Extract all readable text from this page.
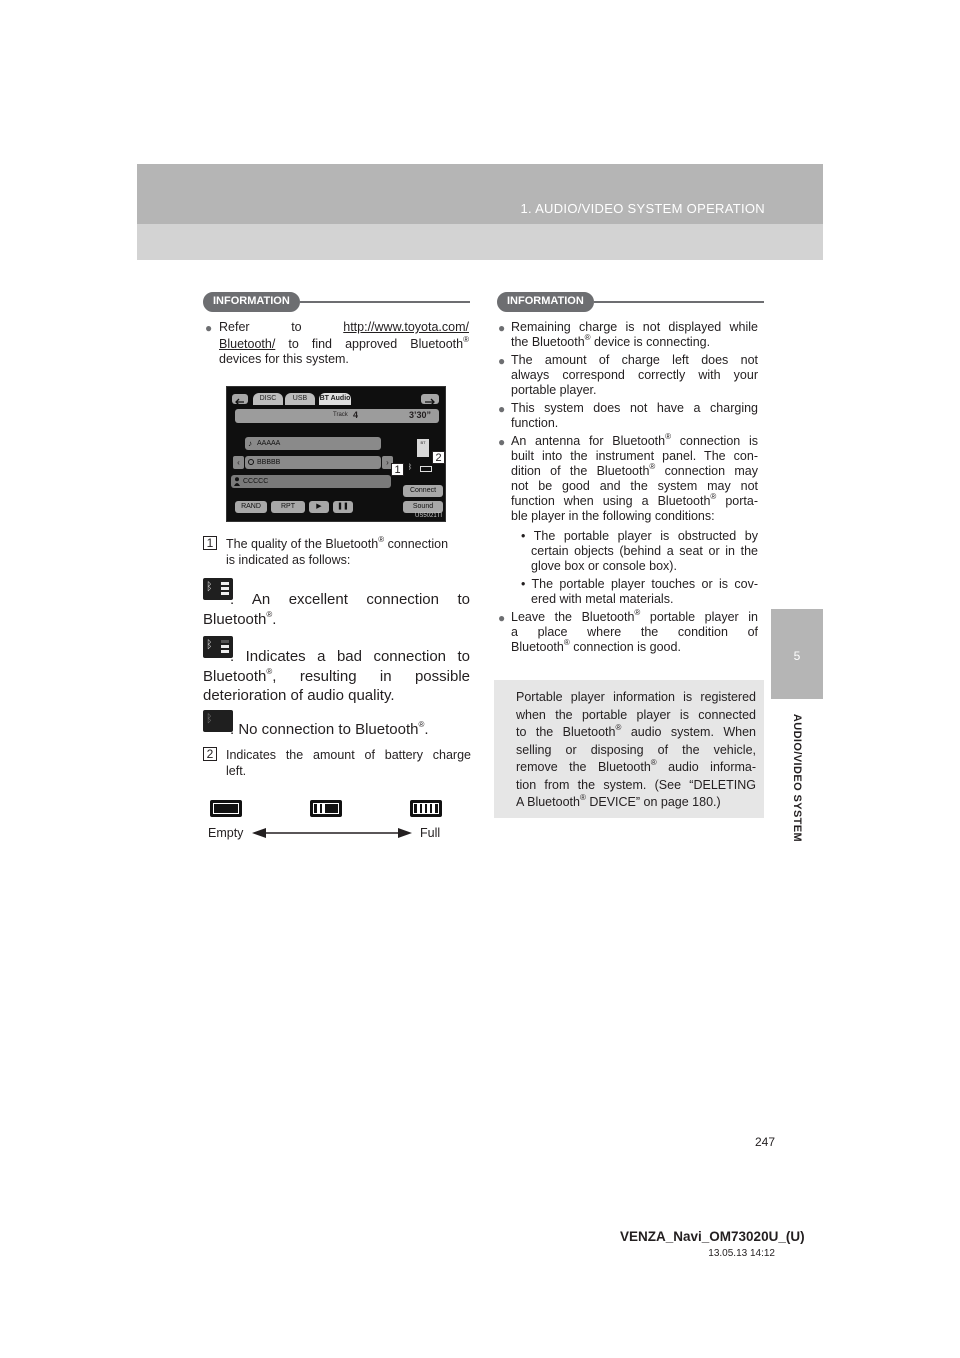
1. AUDIO/VIDEO SYSTEM OPERATION
5
AUDIO/VIDEO SYSTEM
INFORMATION
● Refer to	http://www.toyota.com/
Bluetooth/ to find approved Bluetooth®
devices for this system.
DISC	USB	BT Audio
Track 4	3’30”
♪ AAAAA
‹	BBBBB	›
CCCCC
BT
ᛒ
Connect
Sound
RAND	RPT	▶	❚❚
US5021TI
1
2
1 The quality of the Bluetooth® connection
is indicated as follows:
ᛒ
: An excellent connection to
Bluetooth®.
ᛒ
: Indicates a bad connection to
Bluetooth®, resulting in possible
deterioration of audio quality.
ᛒ
: No connection to Bluetooth®.
2 Indicates the amount of battery charge
left.
Empty	Full
INFORMATION
● Remaining charge is not displayed while
the Bluetooth® device is connecting.
● The amount of charge left does not
always correspond correctly with your
portable player.
● This system does not have a charging
function.
● An antenna for Bluetooth® connection is
built into the instrument panel. The con-
dition of the Bluetooth® connection may
not be good and the system may not
function when using a Bluetooth® porta-
ble player in the following conditions:
• The portable player is obstructed by
certain objects (behind a seat or in the
glove box or console box).
• The portable player touches or is cov-
ered with metal materials.
● Leave the Bluetooth® portable player in
a place where the condition of
Bluetooth® connection is good.
Portable player information is registered
when the portable player is connected
to the Bluetooth® audio system. When
selling or disposing of the vehicle,
remove the Bluetooth® audio informa-
tion from the system. (See “DELETING
A Bluetooth® DEVICE” on page 180.)
247
VENZA_Navi_OM73020U_(U)
13.05.13 14:12
